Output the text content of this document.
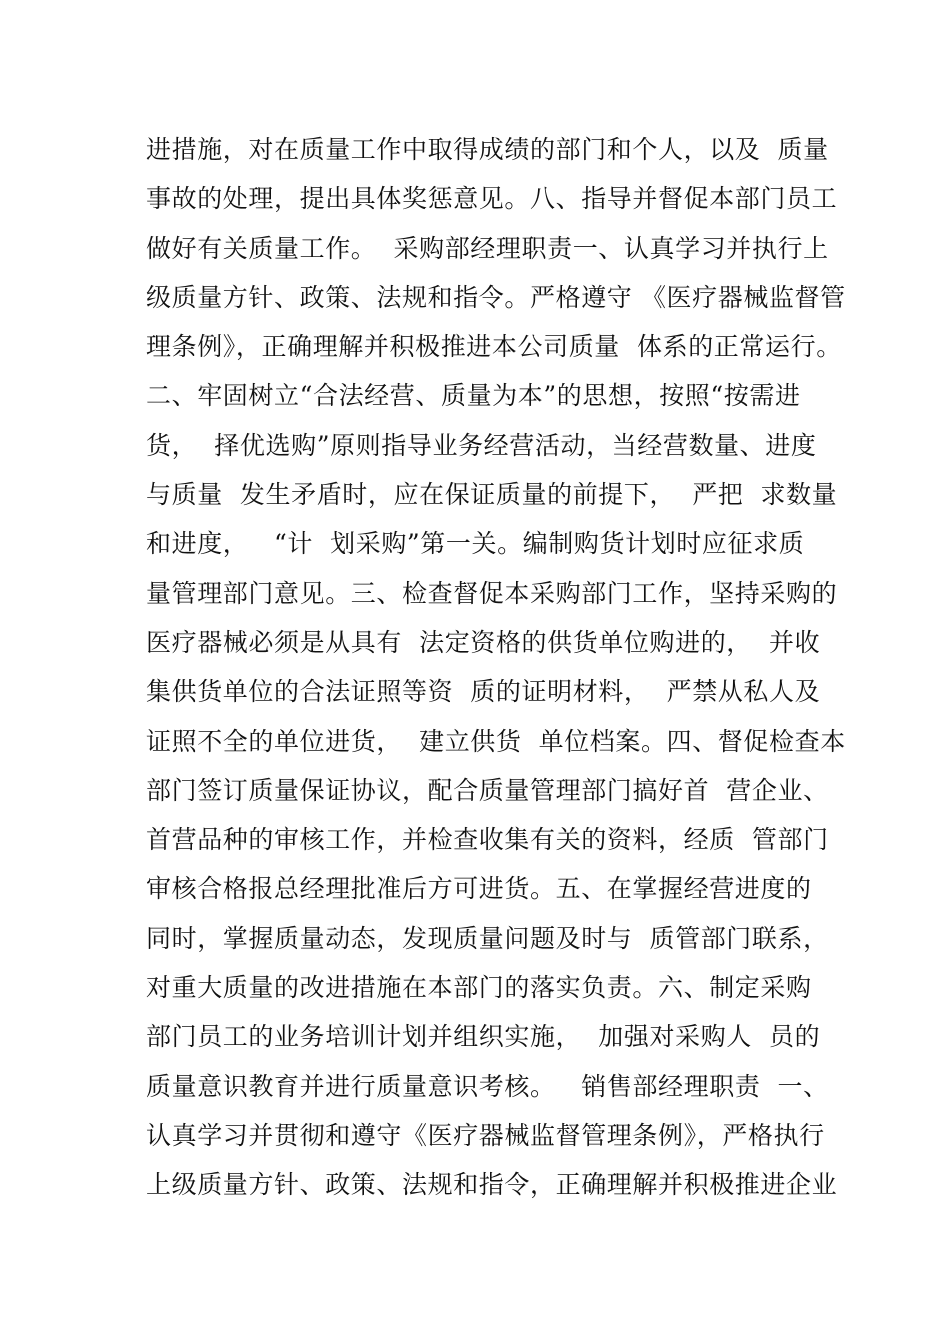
进措施，对在质量工作中取得成绩的部门和个人，以及  质量
事故的处理，提出具体奖惩意见。八、指导并督促本部门员工
做好有关质量工作。  采购部经理职责一、认真学习并执行上
级质量方针、政策、法规和指令。严格遵守 《医疗器械监督管
理条例》，正确理解并积极推进本公司质量  体系的正常运行。
二、牢固树立“合法经营、质量为本”的思想，按照“按需进
货，  择优选购”原则指导业务经营活动，当经营数量、进度
与质量  发生矛盾时，应在保证质量的前提下，  严把  求数量
和进度，   “计  划采购”第一关。编制购货计划时应征求质
量管理部门意见。三、检查督促本采购部门工作，坚持采购的
医疗器械必须是从具有  法定资格的供货单位购进的，  并收
集供货单位的合法证照等资  质的证明材料，  严禁从私人及
证照不全的单位进货，  建立供货  单位档案。四、督促检查本
部门签订质量保证协议，配合质量管理部门搞好首  营企业、
首营品种的审核工作，并检查收集有关的资料，经质  管部门
审核合格报总经理批准后方可进货。五、在掌握经营进度的
同时，掌握质量动态，发现质量问题及时与  质管部门联系，
对重大质量的改进措施在本部门的落实负责。六、制定采购
部门员工的业务培训计划并组织实施，  加强对采购人  员的
质量意识教育并进行质量意识考核。   销售部经理职责  一、
认真学习并贯彻和遵守《医疗器械监督管理条例》，严格执行
上级质量方针、政策、法规和指令，正确理解并积极推进企业
